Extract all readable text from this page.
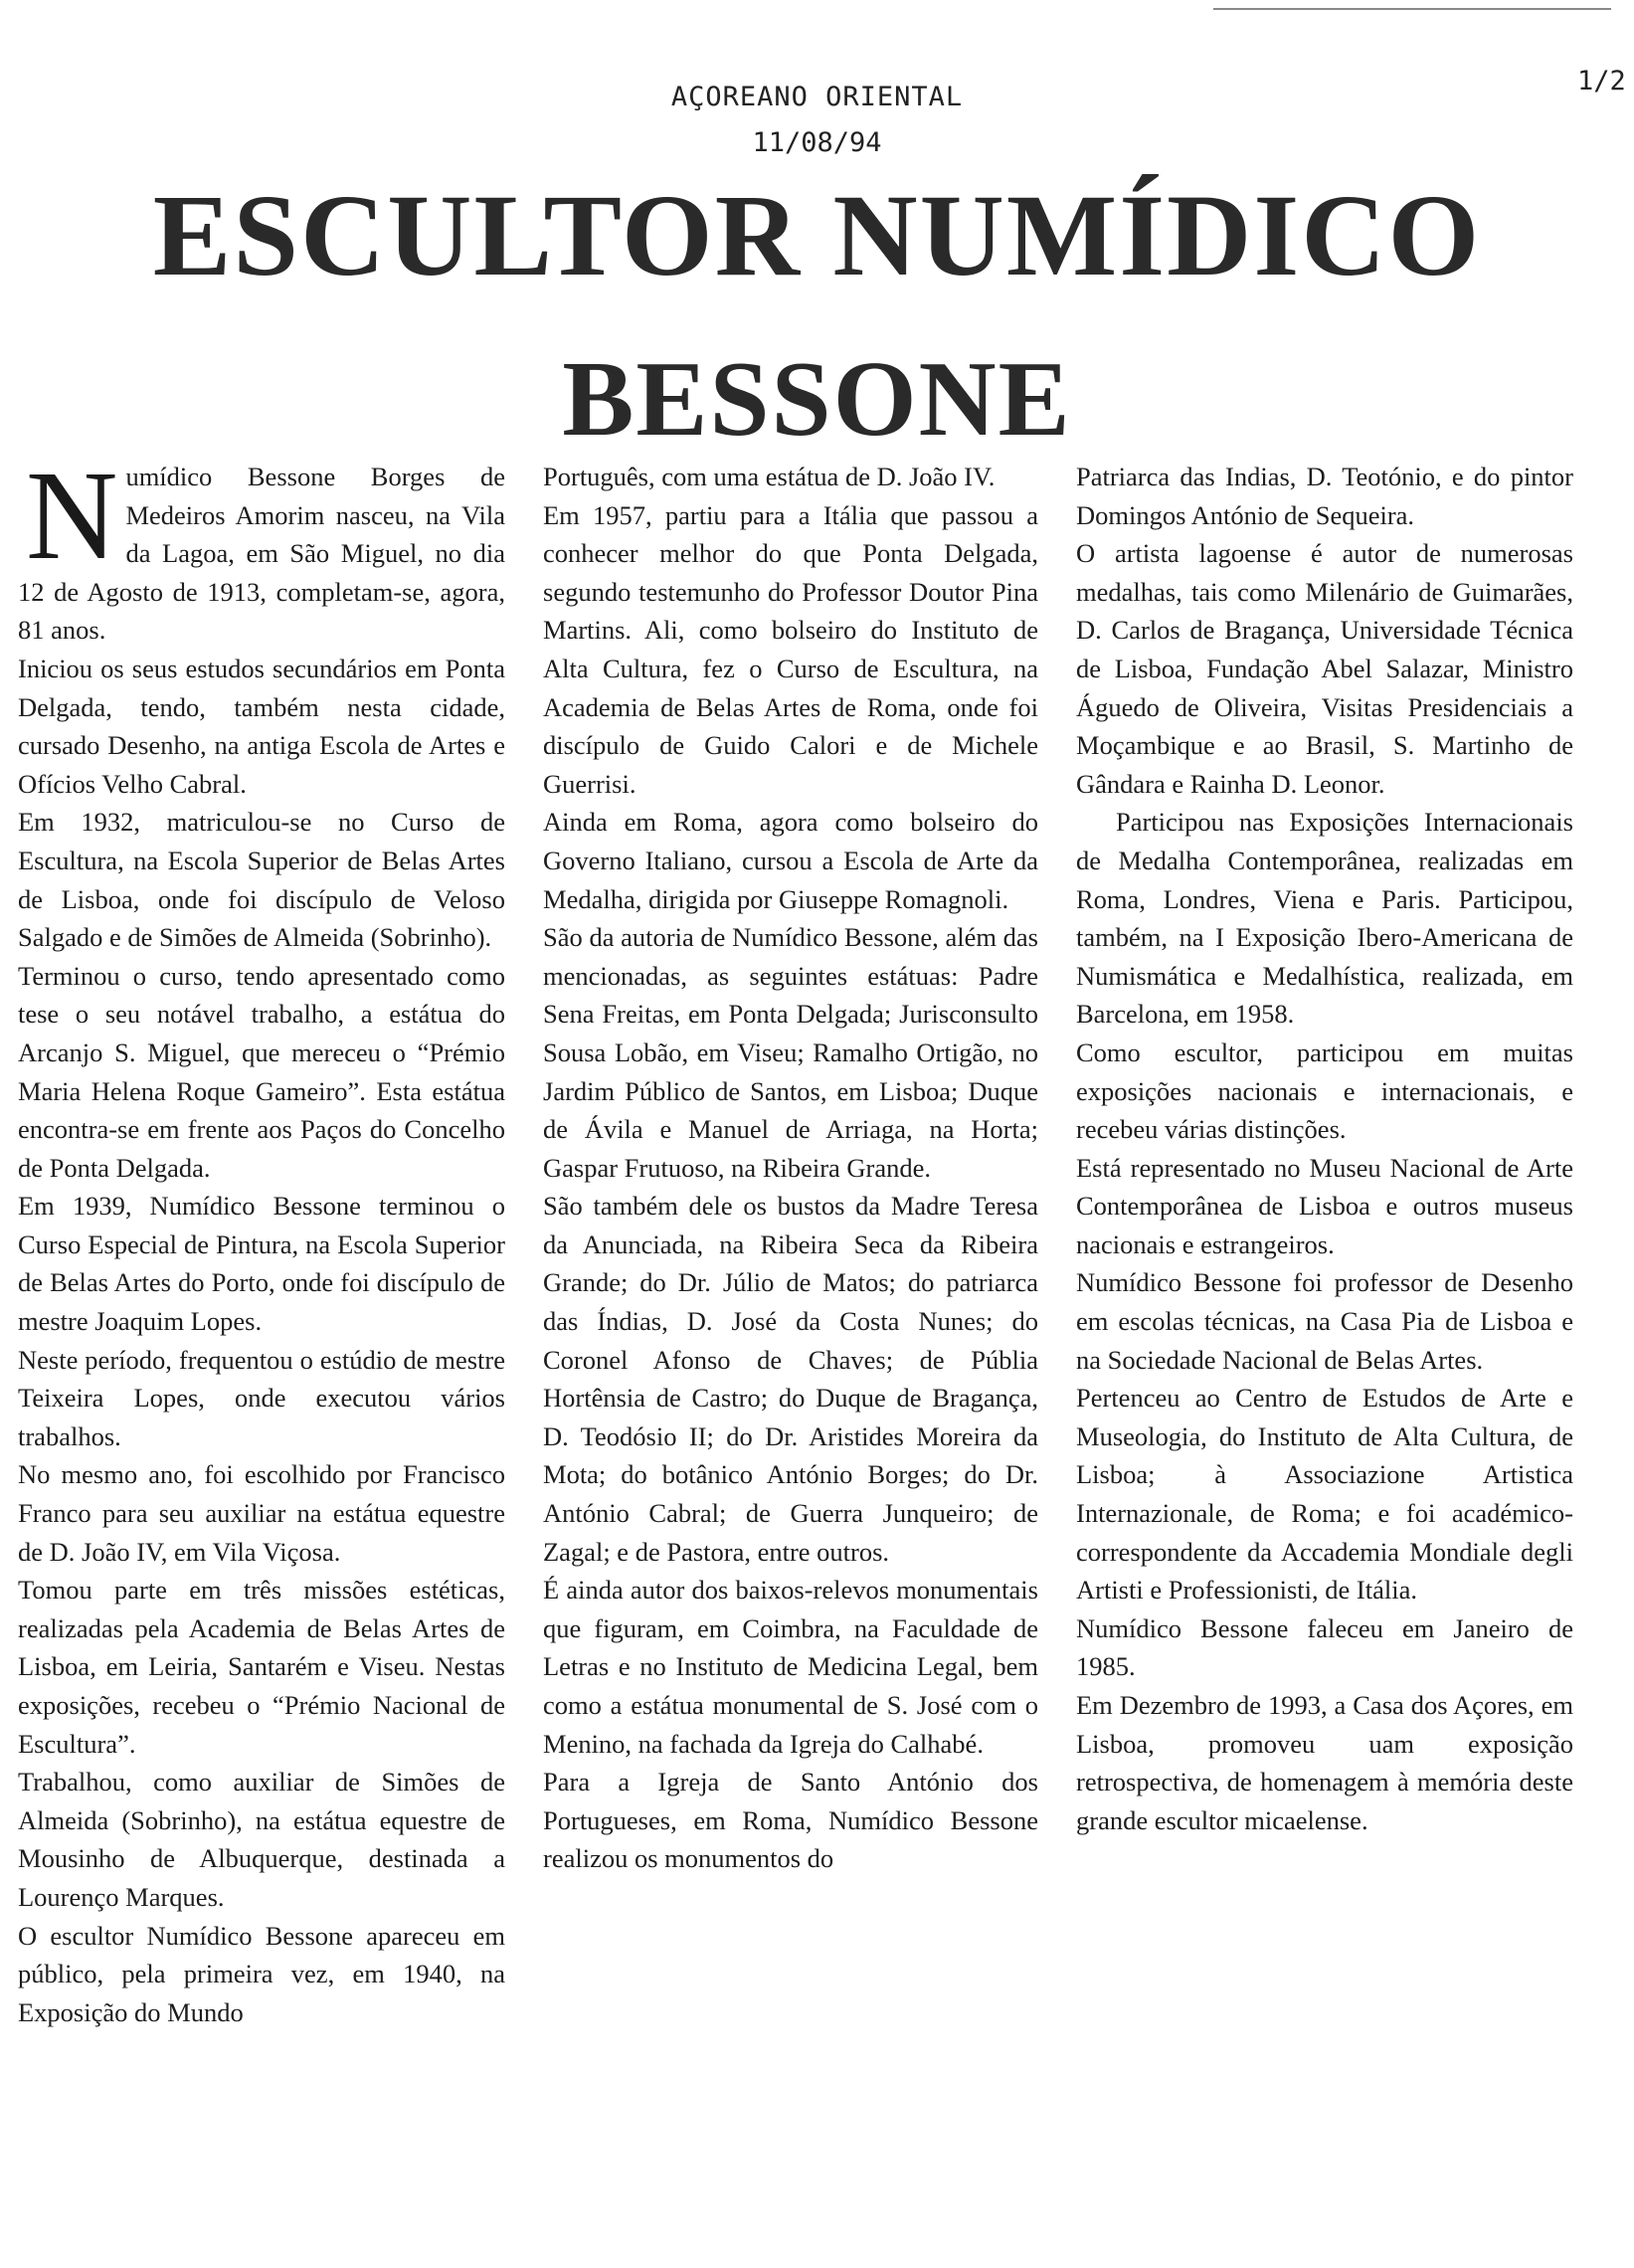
AÇOREANO ORIENTAL
11/08/94
1/2
ESCULTOR NUMÍDICO
BESSONE

Numídico Bessone Borges de Medeiros Amorim nasceu, na Vila da Lagoa, em São Miguel, no dia 12 de Agosto de 1913, completam-se, agora, 81 anos.

Iniciou os seus estudos secundários em Ponta Delgada, tendo, também nesta cidade, cursado Desenho, na antiga Escola de Artes e Ofícios Velho Cabral.

Em 1932, matriculou-se no Curso de Escultura, na Escola Superior de Belas Artes de Lisboa, onde foi discípulo de Veloso Salgado e de Simões de Almeida (Sobrinho).

Terminou o curso, tendo apresentado como tese o seu notável trabalho, a estátua do Arcanjo S. Miguel, que mereceu o “Prémio Maria Helena Roque Gameiro”. Esta estátua encontra-se em frente aos Paços do Concelho de Ponta Delgada.

Em 1939, Numídico Bessone terminou o Curso Especial de Pintura, na Escola Superior de Belas Artes do Porto, onde foi discípulo de mestre Joaquim Lopes.

Neste período, frequentou o estúdio de mestre Teixeira Lopes, onde executou vários trabalhos.

No mesmo ano, foi escolhido por Francisco Franco para seu auxiliar na estátua equestre de D. João IV, em Vila Viçosa.

Tomou parte em três missões estéticas, realizadas pela Academia de Belas Artes de Lisboa, em Leiria, Santarém e Viseu. Nestas exposições, recebeu o “Prémio Nacional de Escultura”.

Trabalhou, como auxiliar de Simões de Almeida (Sobrinho), na estátua equestre de Mousinho de Albuquerque, destinada a Lourenço Marques.

O escultor Numídico Bessone apareceu em público, pela primeira vez, em 1940, na Exposição do Mundo

Português, com uma estátua de D. João IV.

Em 1957, partiu para a Itália que passou a conhecer melhor do que Ponta Delgada, segundo testemunho do Professor Doutor Pina Martins. Ali, como bolseiro do Instituto de Alta Cultura, fez o Curso de Escultura, na Academia de Belas Artes de Roma, onde foi discípulo de Guido Calori e de Michele Guerrisi.

Ainda em Roma, agora como bolseiro do Governo Italiano, cursou a Escola de Arte da Medalha, dirigida por Giuseppe Romagnoli.

São da autoria de Numídico Bessone, além das mencionadas, as seguintes estátuas: Padre Sena Freitas, em Ponta Delgada; Jurisconsulto Sousa Lobão, em Viseu; Ramalho Ortigão, no Jardim Público de Santos, em Lisboa; Duque de Ávila e Manuel de Arriaga, na Horta; Gaspar Frutuoso, na Ribeira Grande.

São também dele os bustos da Madre Teresa da Anunciada, na Ribeira Seca da Ribeira Grande; do Dr. Júlio de Matos; do patriarca das Índias, D. José da Costa Nunes; do Coronel Afonso de Chaves; de Públia Hortênsia de Castro; do Duque de Bragança, D. Teodósio II; do Dr. Aristides Moreira da Mota; do botânico António Borges; do Dr. António Cabral; de Guerra Junqueiro; de Zagal; e de Pastora, entre outros.

É ainda autor dos baixos-relevos monumentais que figuram, em Coimbra, na Faculdade de Letras e no Instituto de Medicina Legal, bem como a estátua monumental de S. José com o Menino, na fachada da Igreja do Calhabé.

Para a Igreja de Santo António dos Portugueses, em Roma, Numídico Bessone realizou os monumentos do

Patriarca das Indias, D. Teotónio, e do pintor Domingos António de Sequeira.

O artista lagoense é autor de numerosas medalhas, tais como Milenário de Guimarães, D. Carlos de Bragança, Universidade Técnica de Lisboa, Fundação Abel Salazar, Ministro Águedo de Oliveira, Visitas Presidenciais a Moçambique e ao Brasil, S. Martinho de Gândara e Rainha D. Leonor.

Participou nas Exposições Internacionais de Medalha Contemporânea, realizadas em Roma, Londres, Viena e Paris. Participou, também, na I Exposição Ibero-Americana de Numismática e Medalhística, realizada, em Barcelona, em 1958.

Como escultor, participou em muitas exposições nacionais e internacionais, e recebeu várias distinções.

Está representado no Museu Nacional de Arte Contemporânea de Lisboa e outros museus nacionais e estrangeiros.

Numídico Bessone foi professor de Desenho em escolas técnicas, na Casa Pia de Lisboa e na Sociedade Nacional de Belas Artes.

Pertenceu ao Centro de Estudos de Arte e Museologia, do Instituto de Alta Cultura, de Lisboa; à Associazione Artistica Internazionale, de Roma; e foi académico-correspondente da Accademia Mondiale degli Artisti e Professionisti, de Itália.

Numídico Bessone faleceu em Janeiro de 1985.

Em Dezembro de 1993, a Casa dos Açores, em Lisboa, promoveu uam exposição retrospectiva, de homenagem à memória deste grande escultor micaelense.
